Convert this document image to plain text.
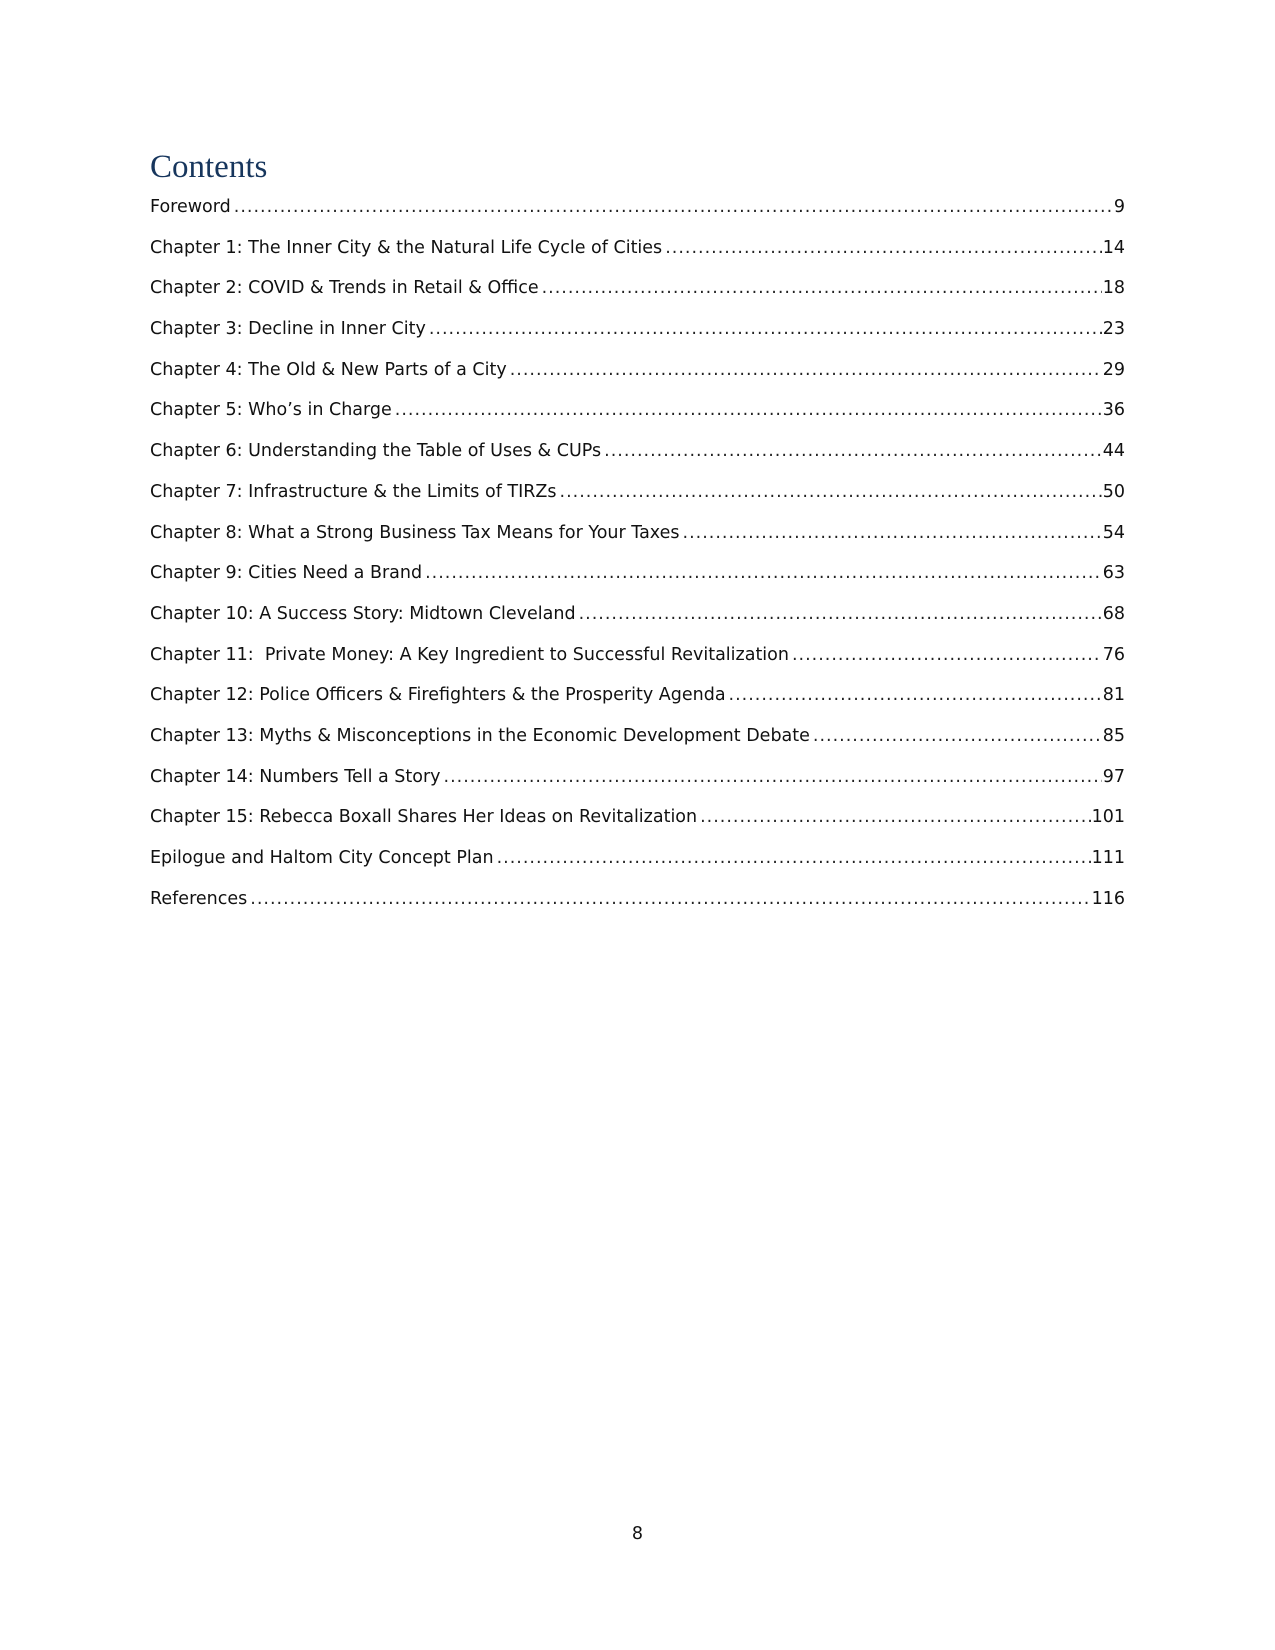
Contents
Foreword .....	9
Chapter 1: The Inner City & the Natural Life Cycle of Cities .....	14
Chapter 2: COVID & Trends in Retail & Office .....	18
Chapter 3: Decline in Inner City .....	23
Chapter 4: The Old & New Parts of a City .....	29
Chapter 5: Who’s in Charge .....	36
Chapter 6: Understanding the Table of Uses & CUPs .....	44
Chapter 7: Infrastructure & the Limits of TIRZs .....	50
Chapter 8: What a Strong Business Tax Means for Your Taxes .....	54
Chapter 9: Cities Need a Brand .....	63
Chapter 10: A Success Story: Midtown Cleveland .....	68
Chapter 11:  Private Money: A Key Ingredient to Successful Revitalization .....	76
Chapter 12: Police Officers & Firefighters & the Prosperity Agenda .....	81
Chapter 13: Myths & Misconceptions in the Economic Development Debate .....	85
Chapter 14: Numbers Tell a Story .....	97
Chapter 15: Rebecca Boxall Shares Her Ideas on Revitalization .....	101
Epilogue and Haltom City Concept Plan .....	111
References .....	116
8
